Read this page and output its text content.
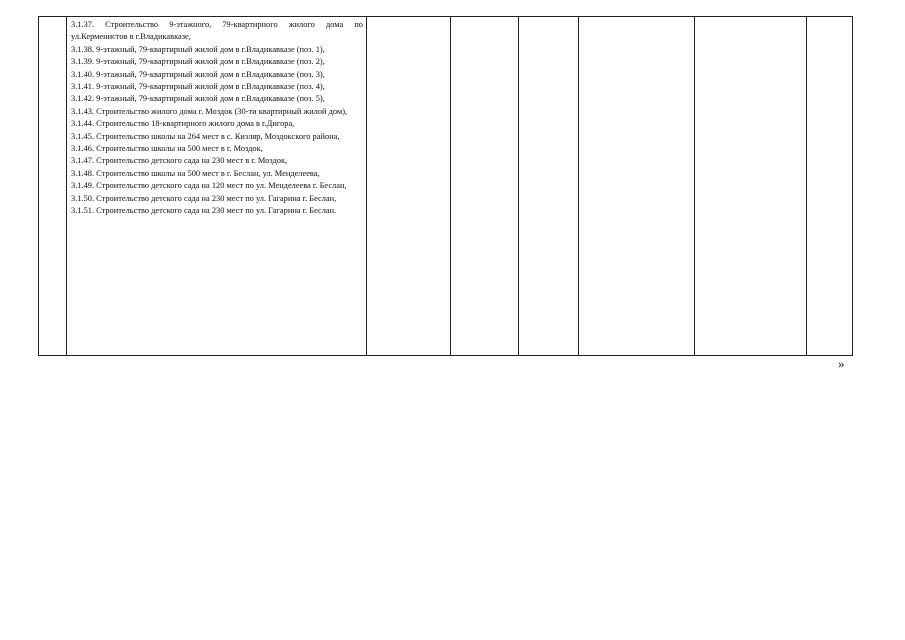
3.1.37. Строительство 9-этажного, 79-квартирного жилого дома по ул.Керменистов в г.Владикавказе,

3.1.38. 9-этажный, 79-квартирный жилой дом в г.Владикавказе (поз. 1),

3.1.39. 9-этажный, 79-квартирный жилой дом в г.Владикавказе (поз. 2),

3.1.40. 9-этажный, 79-квартирный жилой дом в г.Владикавказе (поз. 3),

3.1.41. 9-этажный, 79-квартирный жилой дом в г.Владикавказе (поз. 4),

3.1.42. 9-этажный, 79-квартирный жилой дом в г.Владикавказе (поз. 5),

3.1.43. Строительство жилого дома г. Моздок (30-ти квартирный жилой дом),

3.1.44. Строительство 18-квартирного жилого дома в г.Дигора,

3.1.45. Строительство школы на 264 мест в с. Кизляр, Моздокского района,

3.1.46. Строительство школы на 500 мест в г. Моздок,

3.1.47. Строительство детского сада на 230 мест в г. Моздок,

3.1.48. Строительство школы на 500 мест в г. Беслан, ул. Менделеева,

3.1.49. Строительство детского сада на 120 мест по ул. Менделеева г. Беслан,

3.1.50. Строительство детского сада на 230 мест по ул. Гагарина г. Беслан,

3.1.51. Строительство детского сада на 230 мест по ул. Гагарина г. Беслан.

»
